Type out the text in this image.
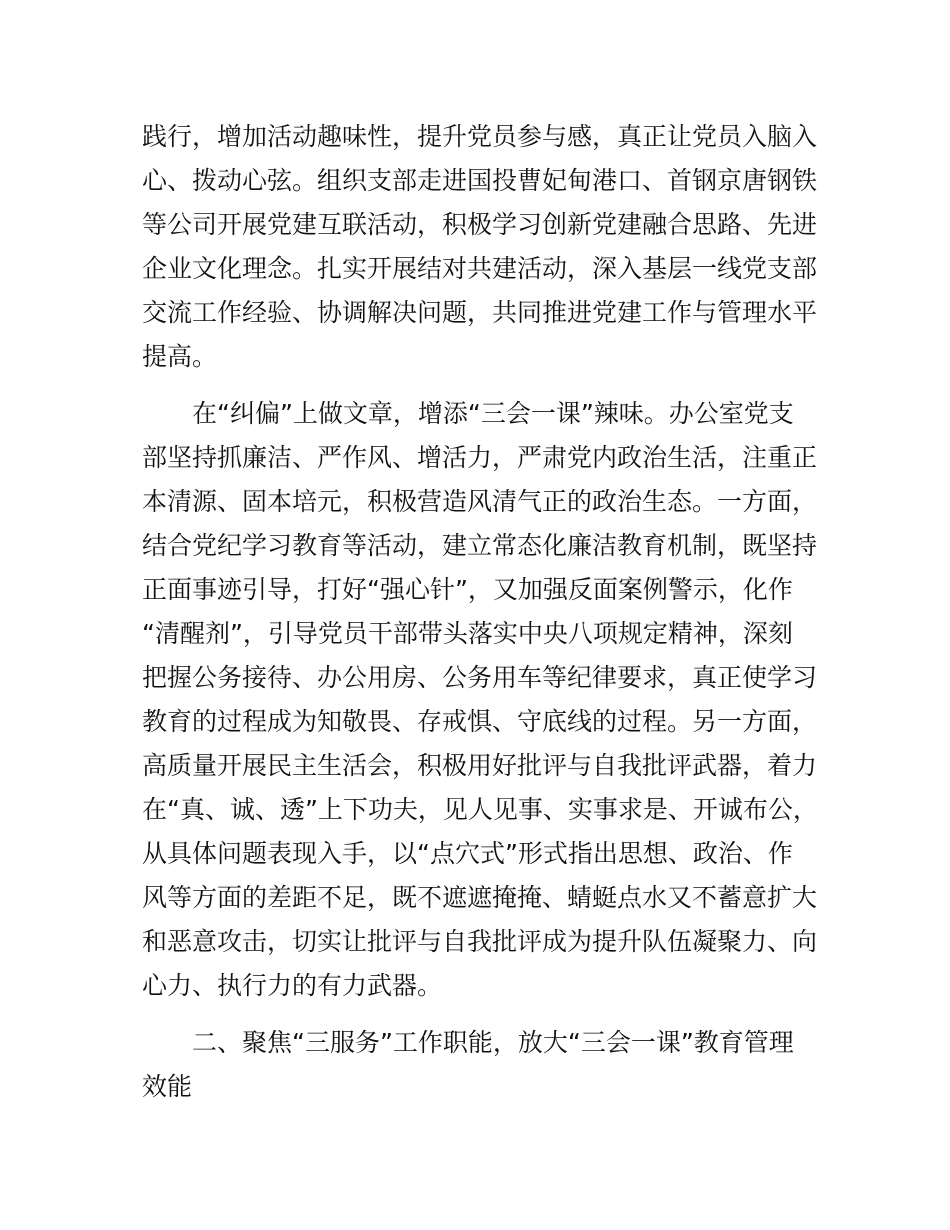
践行，增加活动趣味性，提升党员参与感，真正让党员入脑入
心、拨动心弦。组织支部走进国投曹妃甸港口、首钢京唐钢铁
等公司开展党建互联活动，积极学习创新党建融合思路、先进
企业文化理念。扎实开展结对共建活动，深入基层一线党支部
交流工作经验、协调解决问题，共同推进党建工作与管理水平
提高。
　　在“纠偏”上做文章，增添“三会一课”辣味。办公室党支
部坚持抓廉洁、严作风、增活力，严肃党内政治生活，注重正
本清源、固本培元，积极营造风清气正的政治生态。一方面，
结合党纪学习教育等活动，建立常态化廉洁教育机制，既坚持
正面事迹引导，打好“强心针”，又加强反面案例警示，化作
“清醒剂”，引导党员干部带头落实中央八项规定精神，深刻
把握公务接待、办公用房、公务用车等纪律要求，真正使学习
教育的过程成为知敬畏、存戒惧、守底线的过程。另一方面，
高质量开展民主生活会，积极用好批评与自我批评武器，着力
在“真、诚、透”上下功夫，见人见事、实事求是、开诚布公，
从具体问题表现入手，以“点穴式”形式指出思想、政治、作
风等方面的差距不足，既不遮遮掩掩、蜻蜓点水又不蓄意扩大
和恶意攻击，切实让批评与自我批评成为提升队伍凝聚力、向
心力、执行力的有力武器。
　　二、聚焦“三服务”工作职能，放大“三会一课”教育管理
效能
